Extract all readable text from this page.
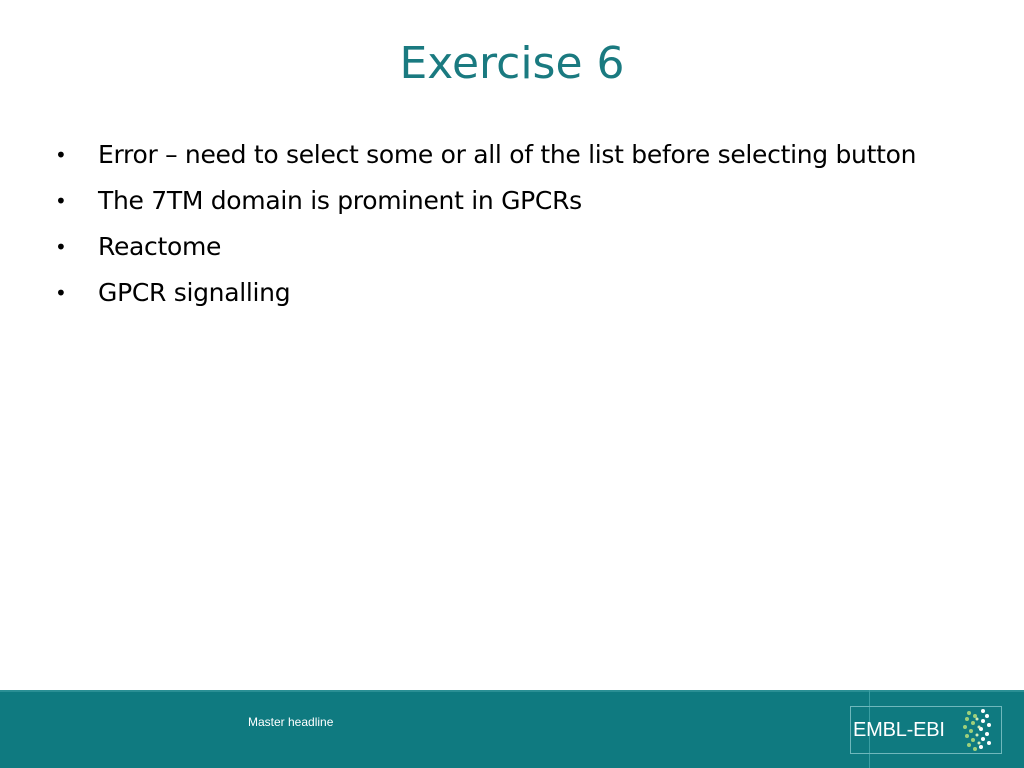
Exercise 6
•	Error – need to select some or all of the list before selecting button
•	The 7TM domain is prominent in GPCRs
•	Reactome
•	GPCR signalling
Master headline	EMBL-EBI
